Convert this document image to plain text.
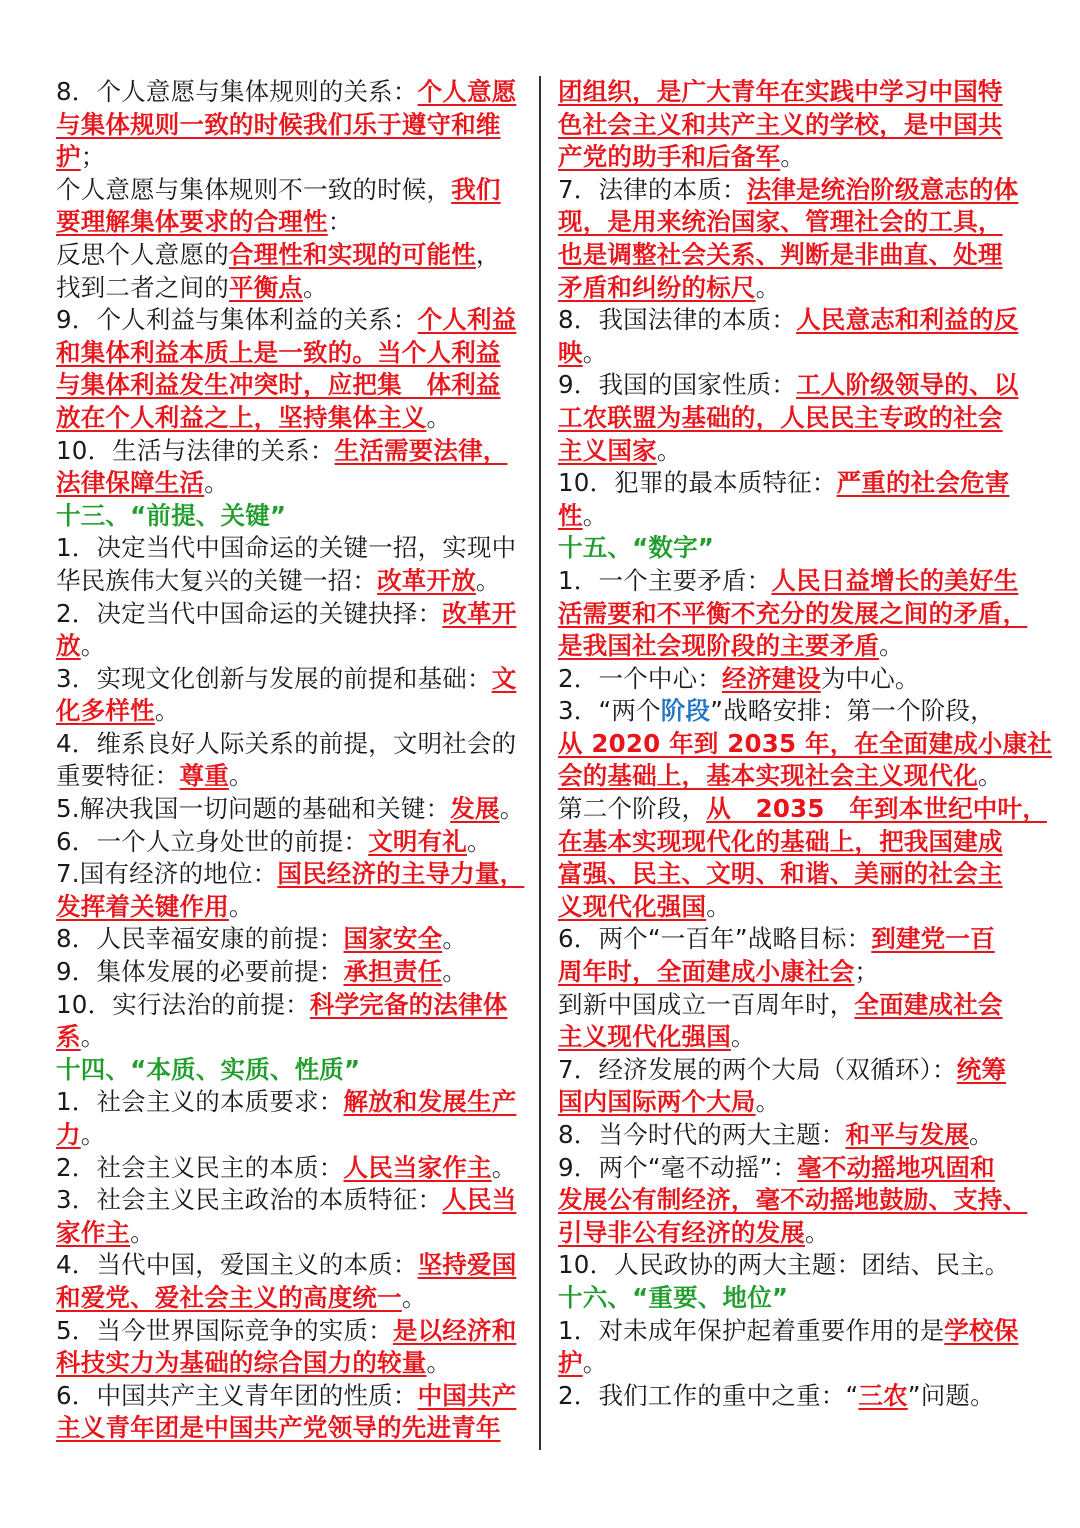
8．个人意愿与集体规则的关系：个人意愿
与集体规则一致的时候我们乐于遵守和维
护；
个人意愿与集体规则不一致的时候，我们
要理解集体要求的合理性：
反思个人意愿的合理性和实现的可能性，
找到二者之间的平衡点。
9．个人利益与集体利益的关系：个人利益
和集体利益本质上是一致的。当个人利益
与集体利益发生冲突时，应把集　体利益
放在个人利益之上，坚持集体主义。
10．生活与法律的关系：生活需要法律，
法律保障生活。
十三、“前提、关键”
1．决定当代中国命运的关键一招，实现中
华民族伟大复兴的关键一招：改革开放。
2．决定当代中国命运的关键抉择：改革开
放。
3．实现文化创新与发展的前提和基础：文
化多样性。
4．维系良好人际关系的前提，文明社会的
重要特征：尊重。
5.解决我国一切问题的基础和关键：发展。
6．一个人立身处世的前提：文明有礼。
7.国有经济的地位：国民经济的主导力量，
发挥着关键作用。
8．人民幸福安康的前提：国家安全。
9．集体发展的必要前提：承担责任。
10．实行法治的前提：科学完备的法律体
系。
十四、“本质、实质、性质”
1．社会主义的本质要求：解放和发展生产
力。
2．社会主义民主的本质：人民当家作主。
3．社会主义民主政治的本质特征：人民当
家作主。
4．当代中国，爱国主义的本质：坚持爱国
和爱党、爱社会主义的高度统一。
5．当今世界国际竞争的实质：是以经济和
科技实力为基础的综合国力的较量。
6．中国共产主义青年团的性质：中国共产
主义青年团是中国共产党领导的先进青年
团组织，是广大青年在实践中学习中国特
色社会主义和共产主义的学校，是中国共
产党的助手和后备军。
7．法律的本质：法律是统治阶级意志的体
现，是用来统治国家、管理社会的工具，
也是调整社会关系、判断是非曲直、处理
矛盾和纠纷的标尺。
8．我国法律的本质：人民意志和利益的反
映。
9．我国的国家性质：工人阶级领导的、以
工农联盟为基础的，人民民主专政的社会
主义国家。
10．犯罪的最本质特征：严重的社会危害
性。
十五、“数字”
1．一个主要矛盾：人民日益增长的美好生
活需要和不平衡不充分的发展之间的矛盾，
是我国社会现阶段的主要矛盾。
2．一个中心：经济建设为中心。
3．“两个阶段”战略安排：第一个阶段，
从 2020 年到 2035 年，在全面建成小康社
会的基础上，基本实现社会主义现代化。
第二个阶段，从　2035　年到本世纪中叶，
在基本实现现代化的基础上，把我国建成
富强、民主、文明、和谐、美丽的社会主
义现代化强国。
6．两个“一百年”战略目标：到建党一百
周年时，全面建成小康社会；
到新中国成立一百周年时，全面建成社会
主义现代化强国。
7．经济发展的两个大局（双循环）：统筹
国内国际两个大局。
8．当今时代的两大主题：和平与发展。
9．两个“毫不动摇”：毫不动摇地巩固和
发展公有制经济，毫不动摇地鼓励、支持、
引导非公有经济的发展。
10．人民政协的两大主题：团结、民主。
十六、“重要、地位”
1．对未成年保护起着重要作用的是学校保
护。
2．我们工作的重中之重：“三农”问题。
